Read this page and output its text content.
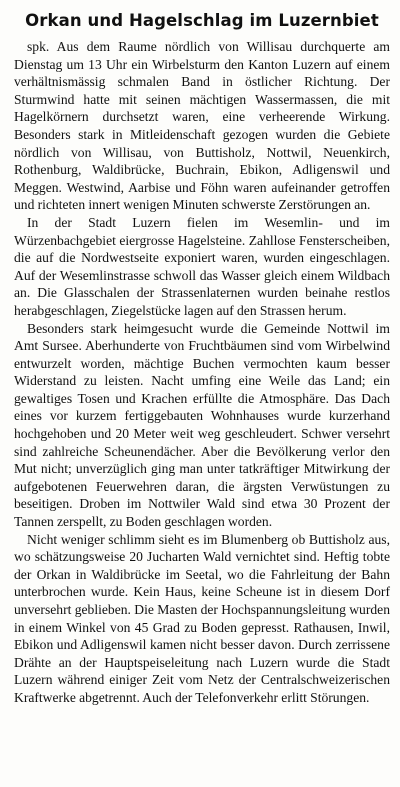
Orkan und Hagelschlag im Luzernbiet

spk. Aus dem Raume nördlich von Willisau durchquerte am Dienstag um 13 Uhr ein Wirbelsturm den Kanton Luzern auf einem verhältnismässig schmalen Band in östlicher Richtung. Der Sturmwind hatte mit seinen mächtigen Wassermassen, die mit Hagelkörnern durchsetzt waren, eine verheerende Wirkung. Besonders stark in Mitleidenschaft gezogen wurden die Gebiete nördlich von Willisau, von Buttisholz, Nottwil, Neuenkirch, Rothenburg, Waldibrücke, Buchrain, Ebikon, Adligenswil und Meggen. Westwind, Aarbise und Föhn waren aufeinander getroffen und richteten innert wenigen Minuten schwerste Zerstörungen an.

In der Stadt Luzern fielen im Wesemlin- und im Würzenbachgebiet eiergrosse Hagelsteine. Zahllose Fensterscheiben, die auf die Nordwestseite exponiert waren, wurden eingeschlagen. Auf der Wesemlinstrasse schwoll das Wasser gleich einem Wildbach an. Die Glasschalen der Strassenlaternen wurden beinahe restlos herabgeschlagen, Ziegelstücke lagen auf den Strassen herum.

Besonders stark heimgesucht wurde die Gemeinde Nottwil im Amt Sursee. Aberhunderte von Fruchtbäumen sind vom Wirbelwind entwurzelt worden, mächtige Buchen vermochten kaum besser Widerstand zu leisten. Nacht umfing eine Weile das Land; ein gewaltiges Tosen und Krachen erfüllte die Atmosphäre. Das Dach eines vor kurzem fertiggebauten Wohnhauses wurde kurzerhand hochgehoben und 20 Meter weit weg geschleudert. Schwer versehrt sind zahlreiche Scheunendächer. Aber die Bevölkerung verlor den Mut nicht; unverzüglich ging man unter tatkräftiger Mitwirkung der aufgebotenen Feuerwehren daran, die ärgsten Verwüstungen zu beseitigen. Droben im Nottwiler Wald sind etwa 30 Prozent der Tannen zerspellt, zu Boden geschlagen worden.

Nicht weniger schlimm sieht es im Blumenberg ob Buttisholz aus, wo schätzungsweise 20 Jucharten Wald vernichtet sind. Heftig tobte der Orkan in Waldibrücke im Seetal, wo die Fahrleitung der Bahn unterbrochen wurde. Kein Haus, keine Scheune ist in diesem Dorf unversehrt geblieben. Die Masten der Hochspannungsleitung wurden in einem Winkel von 45 Grad zu Boden gepresst. Rathausen, Inwil, Ebikon und Adligenswil kamen nicht besser davon. Durch zerrissene Drähte an der Hauptspeiseleitung nach Luzern wurde die Stadt Luzern während einiger Zeit vom Netz der Centralschweizerischen Kraftwerke abgetrennt. Auch der Telefonverkehr erlitt Störungen.
